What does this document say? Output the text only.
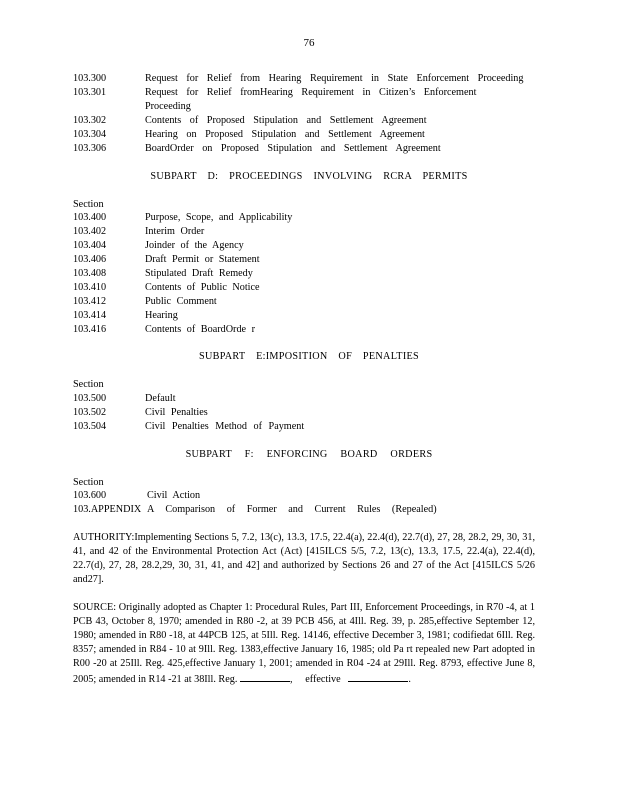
76
103.300	Request for Relief from Hearing Requirement in State Enforcement Proceeding
103.301	Request for Relief fromHearing Requirement in Citizen’s Enforcement
Proceeding
103.302	Contents of Proposed Stipulation and Settlement Agreement
103.304	Hearing on Proposed Stipulation and Settlement Agreement
103.306	BoardOrder on Proposed Stipulation and Settlement Agreement
SUBPART D: PROCEEDINGS INVOLVING RCRA PERMITS
Section
103.400	Purpose, Scope, and Applicability
103.402	Interim Order
103.404	Joinder of the Agency
103.406	Draft Permit or Statement
103.408	Stipulated Draft Remedy
103.410	Contents of Public Notice
103.412	Public Comment
103.414	Hearing
103.416	Contents of BoardOrde r
SUBPART E:IMPOSITION OF PENALTIES
Section
103.500	Default
103.502	Civil Penalties
103.504	Civil Penalties Method of Payment
SUBPART F: ENFORCING BOARD ORDERS
Section
103.600	Civil Action
103.APPENDIX A Comparison of Former and Current Rules (Repealed)

AUTHORITY:Implementing Sections 5, 7.2, 13(c), 13.3, 17.5, 22.4(a), 22.4(d), 22.7(d), 27, 28, 28.2, 29, 30, 31, 41, and 42 of the Environmental Protection Act (Act) [415ILCS 5/5, 7.2, 13(c), 13.3, 17.5, 22.4(a), 22.4(d), 22.7(d), 27, 28, 28.2,29, 30, 31, 41, and 42] and authorized by Sections 26 and 27 of the Act [415ILCS 5/26 and27].

SOURCE: Originally adopted as Chapter 1: Procedural Rules, Part III, Enforcement Proceedings, in R70 -4, at 1 PCB 43, October 8, 1970; amended in R80 -2, at 39 PCB 456, at 4Ill. Reg. 39, p. 285,effective September 12, 1980; amended in R80 -18, at 44PCB 125, at 5Ill. Reg. 14146, effective December 3, 1981; codifiedat 6Ill. Reg. 8357; amended in R84 - 10 at 9Ill. Reg. 1383,effective January 16, 1985; old Pa rt repealed new Part adopted in R00 -20 at 25Ill. Reg. 425,effective January 1, 2001; amended in R04 -24 at 29Ill. Reg. 8793, effective June 8, 2005; amended in R14 -21 at 38Ill. Reg.	, effective	.
